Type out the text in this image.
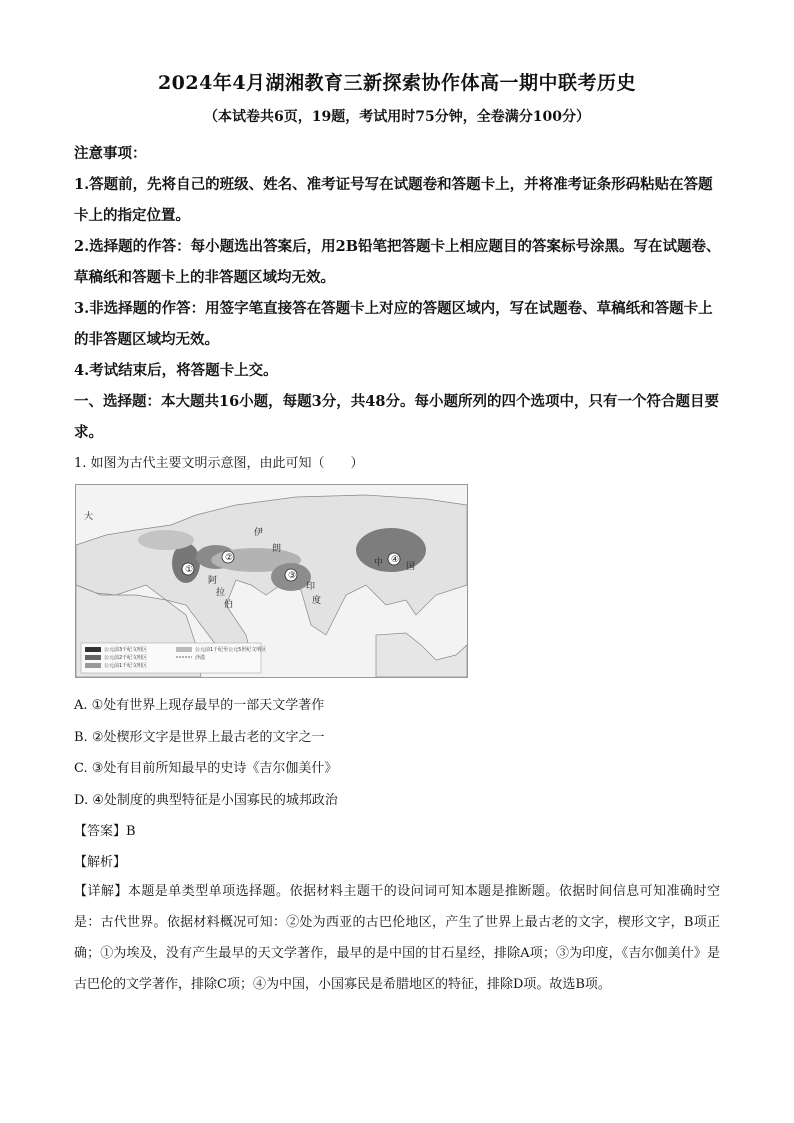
2024年4月湖湘教育三新探索协作体高一期中联考历史
（本试卷共6页，19题，考试用时75分钟，全卷满分100分）

注意事项：

1.答题前，先将自己的班级、姓名、准考证号写在试题卷和答题卡上，并将准考证条形码粘贴在答题卡上的指定位置。

2.选择题的作答：每小题选出答案后，用2B铅笔把答题卡上相应题目的答案标号涂黑。写在试题卷、草稿纸和答题卡上的非答题区域均无效。

3.非选择题的作答：用签字笔直接答在答题卡上对应的答题区域内，写在试题卷、草稿纸和答题卡上的非答题区域均无效。

4.考试结束后，将答题卡上交。

一、选择题：本大题共16小题，每题3分，共48分。每小题所列的四个选项中，只有一个符合题目要求。

1. 如图为古代主要文明示意图，由此可知（　　）
①
②
③
④
大
伊
朗
阿
拉
伯
印
度
中	国
公元前3千纪文明区
公元前2千纪文明区
公元前1千纪文明区
公元前1千纪至公元5世纪文明区
沙漠
A. ①处有世界上现存最早的一部天文学著作
B. ②处楔形文字是世界上最古老的文字之一
C. ③处有目前所知最早的史诗《吉尔伽美什》
D. ④处制度的典型特征是小国寡民的城邦政治
【答案】B
【解析】
【详解】本题是单类型单项选择题。依据材料主题干的设问词可知本题是推断题。依据时间信息可知准确时空是：古代世界。依据材料概况可知：②处为西亚的古巴伦地区，产生了世界上最古老的文字，楔形文字，B项正确；①为埃及，没有产生最早的天文学著作，最早的是中国的甘石星经，排除A项；③为印度，《吉尔伽美什》是古巴伦的文学著作，排除C项；④为中国，小国寡民是希腊地区的特征，排除D项。故选B项。
